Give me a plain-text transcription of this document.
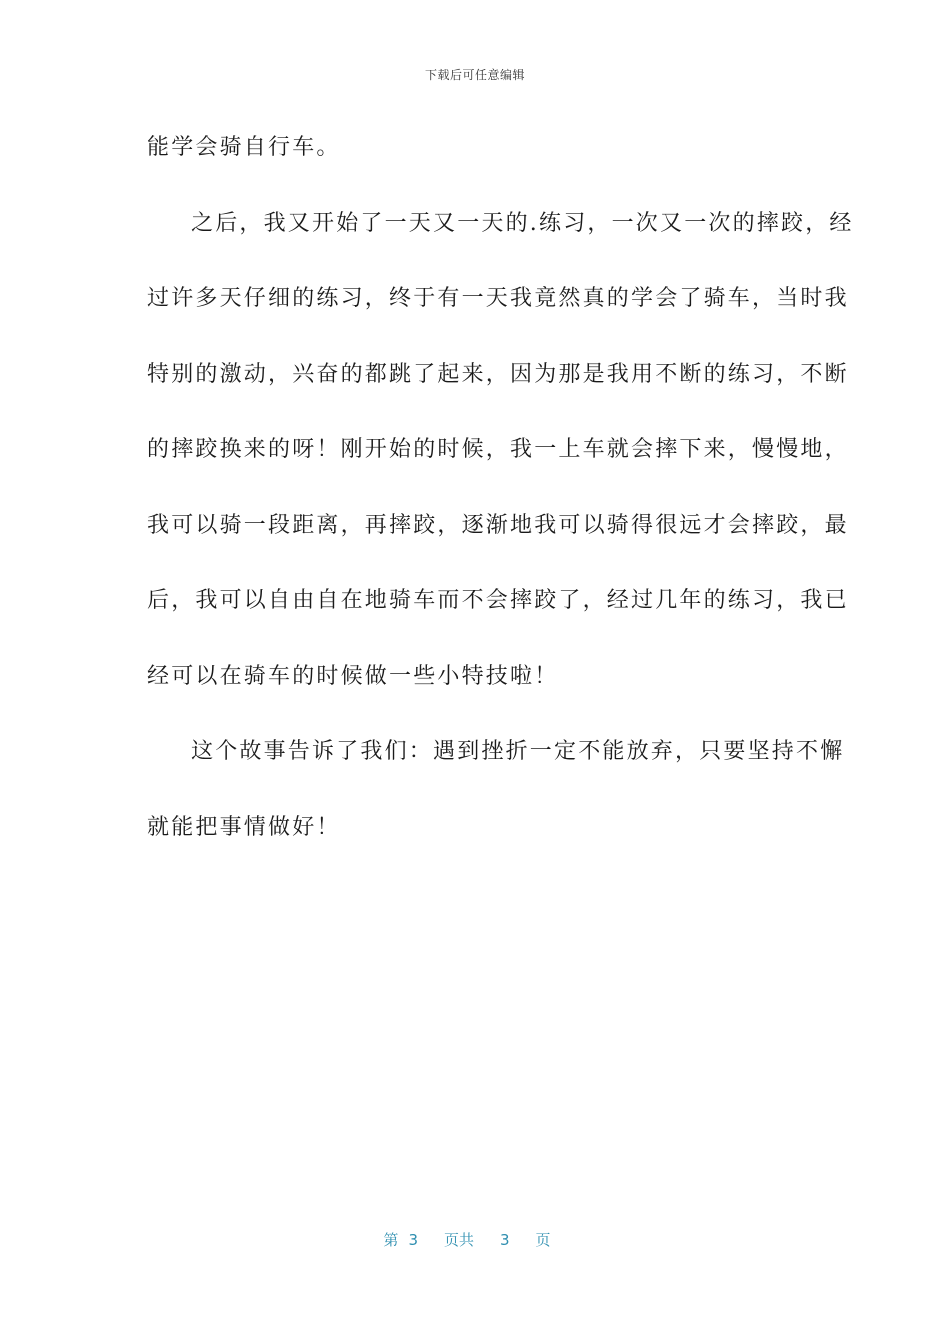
下载后可任意编辑
能学会骑自行车。
之后，我又开始了一天又一天的.练习，一次又一次的摔跤，经
过许多天仔细的练习，终于有一天我竟然真的学会了骑车，当时我
特别的激动，兴奋的都跳了起来，因为那是我用不断的练习，不断
的摔跤换来的呀！刚开始的时候，我一上车就会摔下来，慢慢地，
我可以骑一段距离，再摔跤，逐渐地我可以骑得很远才会摔跤，最
后，我可以自由自在地骑车而不会摔跤了，经过几年的练习，我已
经可以在骑车的时候做一些小特技啦！
这个故事告诉了我们：遇到挫折一定不能放弃，只要坚持不懈
就能把事情做好！
第 3 页共 3 页
